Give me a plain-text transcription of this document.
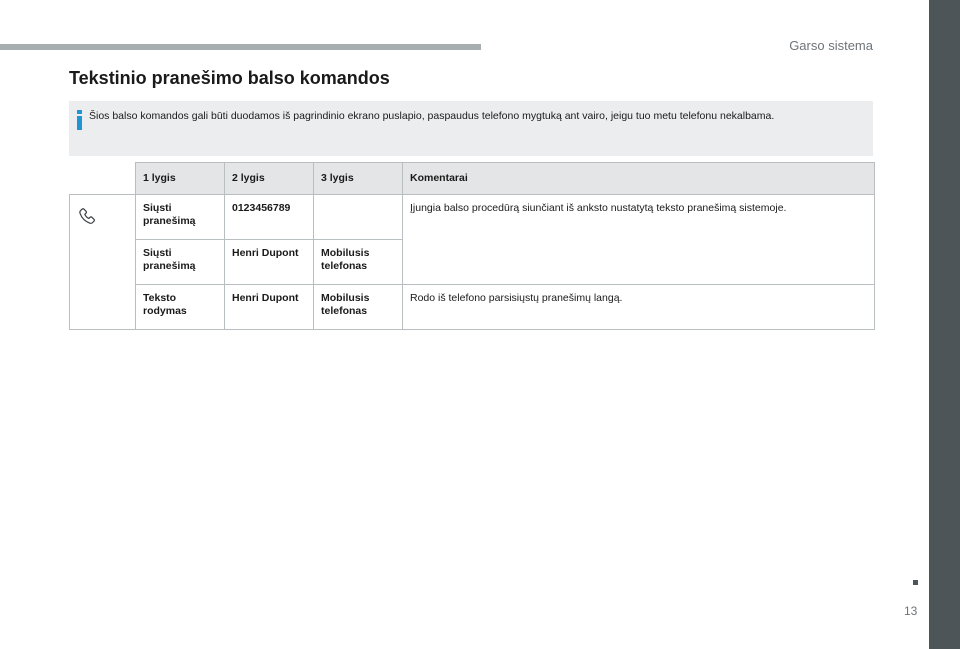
Garso sistema
Tekstinio pranešimo balso komandos
Šios balso komandos gali būti duodamos iš pagrindinio ekrano puslapio, paspaudus telefono mygtuką ant vairo, jeigu tuo metu telefonu nekalbama.
	1 lygis	2 lygis	3 lygis	Komentarai
	Siųsti pranešimą	0123456789		Įjungia balso procedūrą siunčiant iš anksto nustatytą teksto pranešimą sistemoje.
	Siųsti pranešimą	Henri Dupont	Mobilusis telefonas	
	Teksto rodymas	Henri Dupont	Mobilusis telefonas	Rodo iš telefono parsisiųstų pranešimų langą.
13
